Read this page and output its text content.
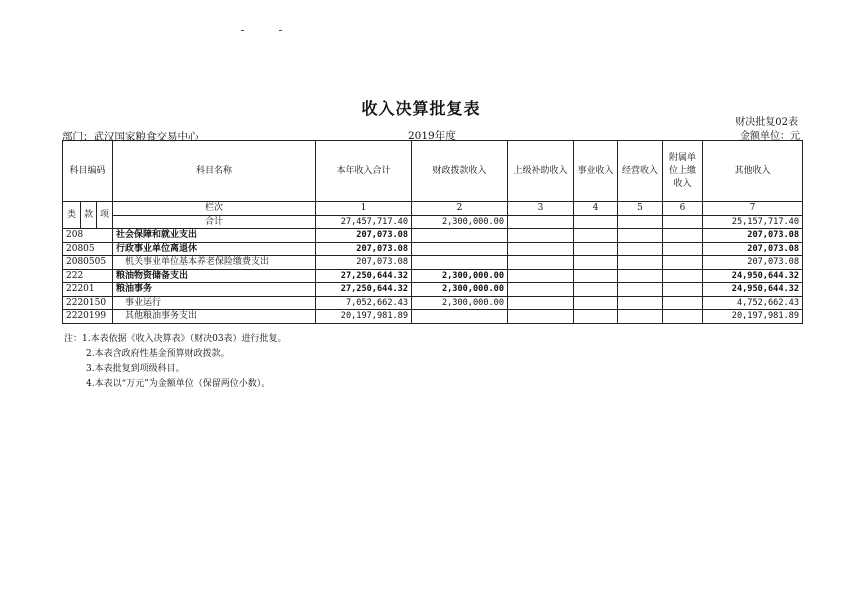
收入决算批复表
财决批复02表
部门：武汉国家粮食交易中心	2019年度	金额单位：元
科目编码			科目名称	本年收入合计	财政拨款收入	上级补助收入	事业收入	经营收入	附属单位上缴收入	其他收入
类	款	项	栏次	1	2	3	4	5	6	7
			合计	27,457,717.40	2,300,000.00					25,157,717.40
208			社会保障和就业支出	207,073.08						207,073.08
20805			行政事业单位离退休	207,073.08						207,073.08
2080505			机关事业单位基本养老保险缴费支出	207,073.08						207,073.08
222			粮油物资储备支出	27,250,644.32	2,300,000.00					24,950,644.32
22201			粮油事务	27,250,644.32	2,300,000.00					24,950,644.32
2220150			事业运行	7,052,662.43	2,300,000.00					4,752,662.43
2220199			其他粮油事务支出	20,197,981.89						20,197,981.89
注：1.本表依据《收入决算表》（财决03表）进行批复。
2.本表含政府性基金预算财政拨款。
3.本表批复到项级科目。
4.本表以“万元”为金额单位（保留两位小数）。
